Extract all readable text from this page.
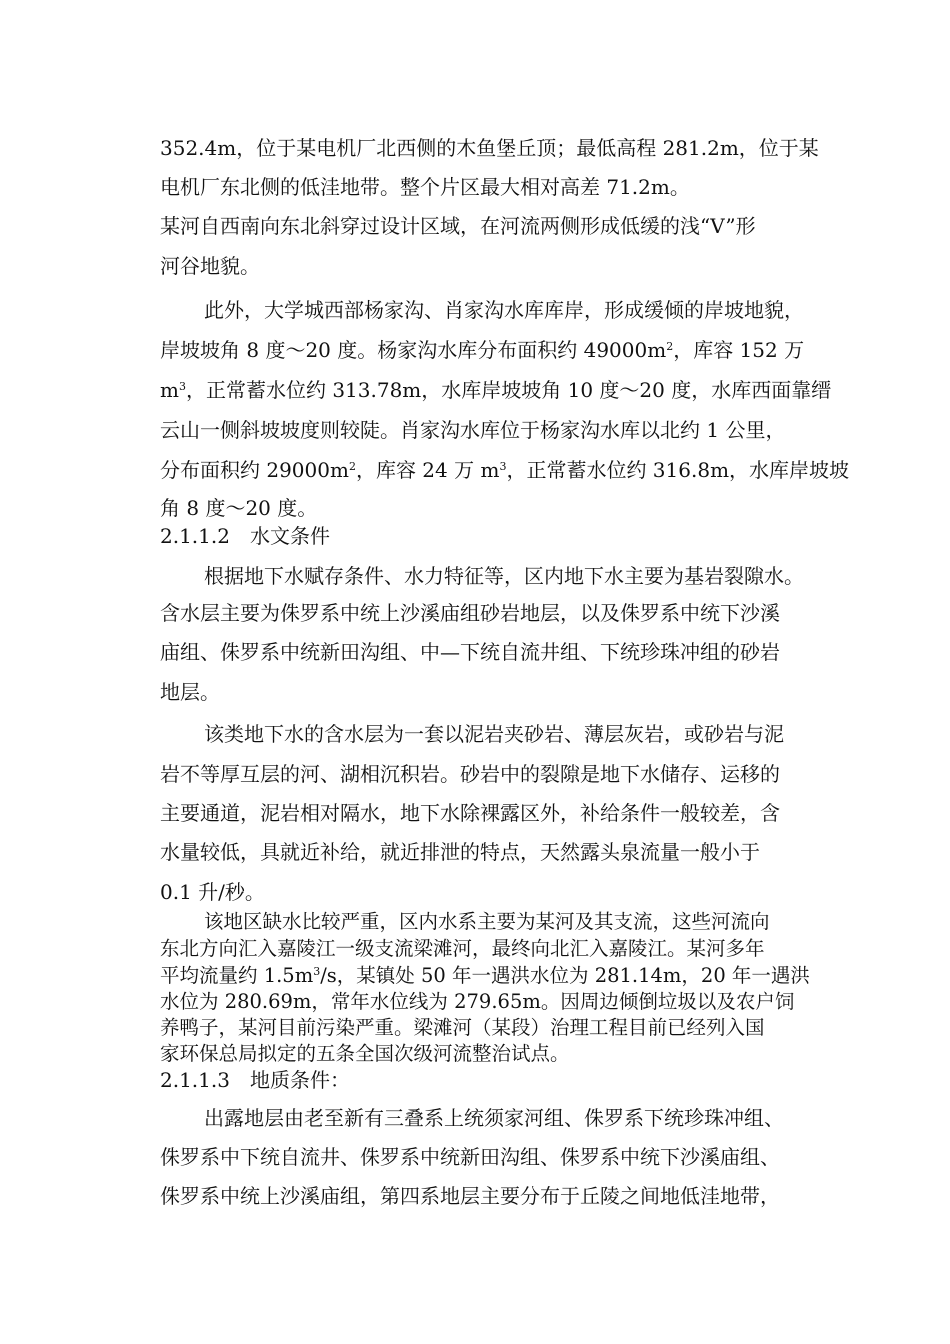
352.4m，位于某电机厂北西侧的木鱼堡丘顶；最低高程 281.2m，位于某
电机厂东北侧的低洼地带。整个片区最大相对高差 71.2m。
某河自西南向东北斜穿过设计区域，在河流两侧形成低缓的浅“V”形
河谷地貌。
此外，大学城西部杨家沟、肖家沟水库库岸，形成缓倾的岸坡地貌，
岸坡坡角 8 度～20 度。杨家沟水库分布面积约 $49000m^2$，库容 152 万
$m^3$，正常蓄水位约 313.78m，水库岸坡坡角 10 度～20 度，水库西面靠缙
云山一侧斜坡坡度则较陡。肖家沟水库位于杨家沟水库以北约 1 公里，
分布面积约 $29000m^2$，库容 24 万 $m^3$，正常蓄水位约 316.8m，水库岸坡坡
角 8 度～20 度。
2.1.1.2　水文条件
根据地下水赋存条件、水力特征等，区内地下水主要为基岩裂隙水。
含水层主要为侏罗系中统上沙溪庙组砂岩地层，以及侏罗系中统下沙溪
庙组、侏罗系中统新田沟组、中—下统自流井组、下统珍珠冲组的砂岩
地层。
该类地下水的含水层为一套以泥岩夹砂岩、薄层灰岩，或砂岩与泥
岩不等厚互层的河、湖相沉积岩。砂岩中的裂隙是地下水储存、运移的
主要通道，泥岩相对隔水，地下水除裸露区外，补给条件一般较差，含
水量较低，具就近补给，就近排泄的特点，天然露头泉流量一般小于
0.1 升/秒。
该地区缺水比较严重，区内水系主要为某河及其支流，这些河流向
东北方向汇入嘉陵江一级支流梁滩河，最终向北汇入嘉陵江。某河多年
平均流量约 $1.5m^3/s$，某镇处 50 年一遇洪水位为 281.14m，20 年一遇洪
水位为 280.69m，常年水位线为 279.65m。因周边倾倒垃圾以及农户饲
养鸭子，某河目前污染严重。梁滩河（某段）治理工程目前已经列入国
家环保总局拟定的五条全国次级河流整治试点。
2.1.1.3　地质条件：
出露地层由老至新有三叠系上统须家河组、侏罗系下统珍珠冲组、
侏罗系中下统自流井、侏罗系中统新田沟组、侏罗系中统下沙溪庙组、
侏罗系中统上沙溪庙组，第四系地层主要分布于丘陵之间地低洼地带，
